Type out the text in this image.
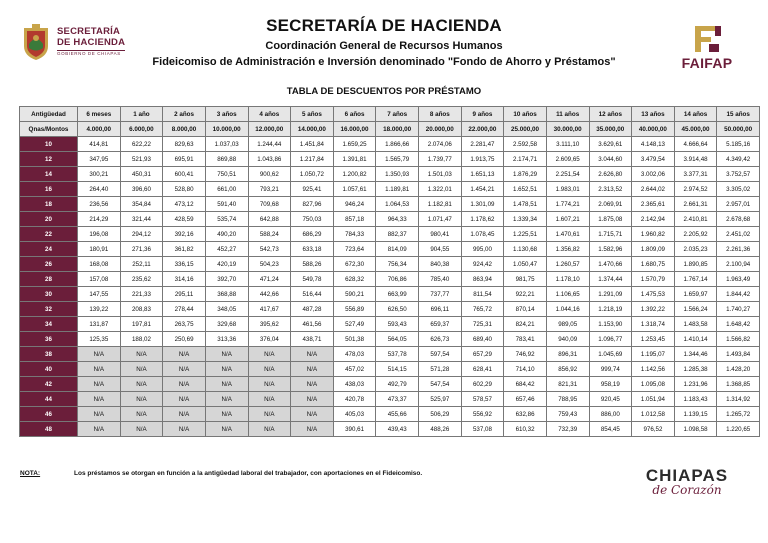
SECRETARÍA
DE HACIENDA
GOBIERNO DE CHIAPAS
SECRETARÍA DE HACIENDA
Coordinación General de Recursos Humanos
Fideicomiso de Administración e Inversión denominado "Fondo de Ahorro y Préstamos"	FAIFAP
TABLA DE DESCUENTOS POR PRÉSTAMO
Antigüedad	6 meses	1 año	2 años	3 años	4 años	5 años	6 años	7 años	8 años	9 años	10 años	11 años	12 años	13 años	14 años	15 años
Qnas/Montos	4.000,00	6.000,00	8.000,00	10.000,00	12.000,00	14.000,00	16.000,00	18.000,00	20.000,00	22.000,00	25.000,00	30.000,00	35.000,00	40.000,00	45.000,00	50.000,00
10	414,81	622,22	829,63	1.037,03	1.244,44	1.451,84	1.659,25	1.866,66	2.074,06	2.281,47	2.592,58	3.111,10	3.629,61	4.148,13	4.666,64	5.185,16
12	347,95	521,93	695,91	869,88	1.043,86	1.217,84	1.391,81	1.565,79	1.739,77	1.913,75	2.174,71	2.609,65	3.044,60	3.479,54	3.914,48	4.349,42
14	300,21	450,31	600,41	750,51	900,62	1.050,72	1.200,82	1.350,93	1.501,03	1.651,13	1.876,29	2.251,54	2.626,80	3.002,06	3.377,31	3.752,57
16	264,40	396,60	528,80	661,00	793,21	925,41	1.057,61	1.189,81	1.322,01	1.454,21	1.652,51	1.983,01	2.313,52	2.644,02	2.974,52	3.305,02
18	236,56	354,84	473,12	591,40	709,68	827,96	946,24	1.064,53	1.182,81	1.301,09	1.478,51	1.774,21	2.069,91	2.365,61	2.661,31	2.957,01
20	214,29	321,44	428,59	535,74	642,88	750,03	857,18	964,33	1.071,47	1.178,62	1.339,34	1.607,21	1.875,08	2.142,94	2.410,81	2.678,68
22	196,08	294,12	392,16	490,20	588,24	686,29	784,33	882,37	980,41	1.078,45	1.225,51	1.470,61	1.715,71	1.960,82	2.205,92	2.451,02
24	180,91	271,36	361,82	452,27	542,73	633,18	723,64	814,09	904,55	995,00	1.130,68	1.356,82	1.582,96	1.809,09	2.035,23	2.261,36
26	168,08	252,11	336,15	420,19	504,23	588,26	672,30	756,34	840,38	924,42	1.050,47	1.260,57	1.470,66	1.680,75	1.890,85	2.100,94
28	157,08	235,62	314,16	392,70	471,24	549,78	628,32	706,86	785,40	863,94	981,75	1.178,10	1.374,44	1.570,79	1.767,14	1.963,49
30	147,55	221,33	295,11	368,88	442,66	516,44	590,21	663,99	737,77	811,54	922,21	1.106,65	1.291,09	1.475,53	1.659,97	1.844,42
32	139,22	208,83	278,44	348,05	417,67	487,28	556,89	626,50	696,11	765,72	870,14	1.044,16	1.218,19	1.392,22	1.566,24	1.740,27
34	131,87	197,81	263,75	329,68	395,62	461,56	527,49	593,43	659,37	725,31	824,21	989,05	1.153,90	1.318,74	1.483,58	1.648,42
36	125,35	188,02	250,69	313,36	376,04	438,71	501,38	564,05	626,73	689,40	783,41	940,09	1.096,77	1.253,45	1.410,14	1.566,82
38	N/A	N/A	N/A	N/A	N/A	N/A	478,03	537,78	597,54	657,29	746,92	896,31	1.045,69	1.195,07	1.344,46	1.493,84
40	N/A	N/A	N/A	N/A	N/A	N/A	457,02	514,15	571,28	628,41	714,10	856,92	999,74	1.142,56	1.285,38	1.428,20
42	N/A	N/A	N/A	N/A	N/A	N/A	438,03	492,79	547,54	602,29	684,42	821,31	958,19	1.095,08	1.231,96	1.368,85
44	N/A	N/A	N/A	N/A	N/A	N/A	420,78	473,37	525,97	578,57	657,46	788,95	920,45	1.051,94	1.183,43	1.314,92
46	N/A	N/A	N/A	N/A	N/A	N/A	405,03	455,66	506,29	556,92	632,86	759,43	886,00	1.012,58	1.139,15	1.265,72
48	N/A	N/A	N/A	N/A	N/A	N/A	390,61	439,43	488,26	537,08	610,32	732,39	854,45	976,52	1.098,58	1.220,65
NOTA:	Los préstamos se otorgan en función a la antigüedad laboral del trabajador, con aportaciones en el Fideicomiso.	CHIAPAS
de Corazón
